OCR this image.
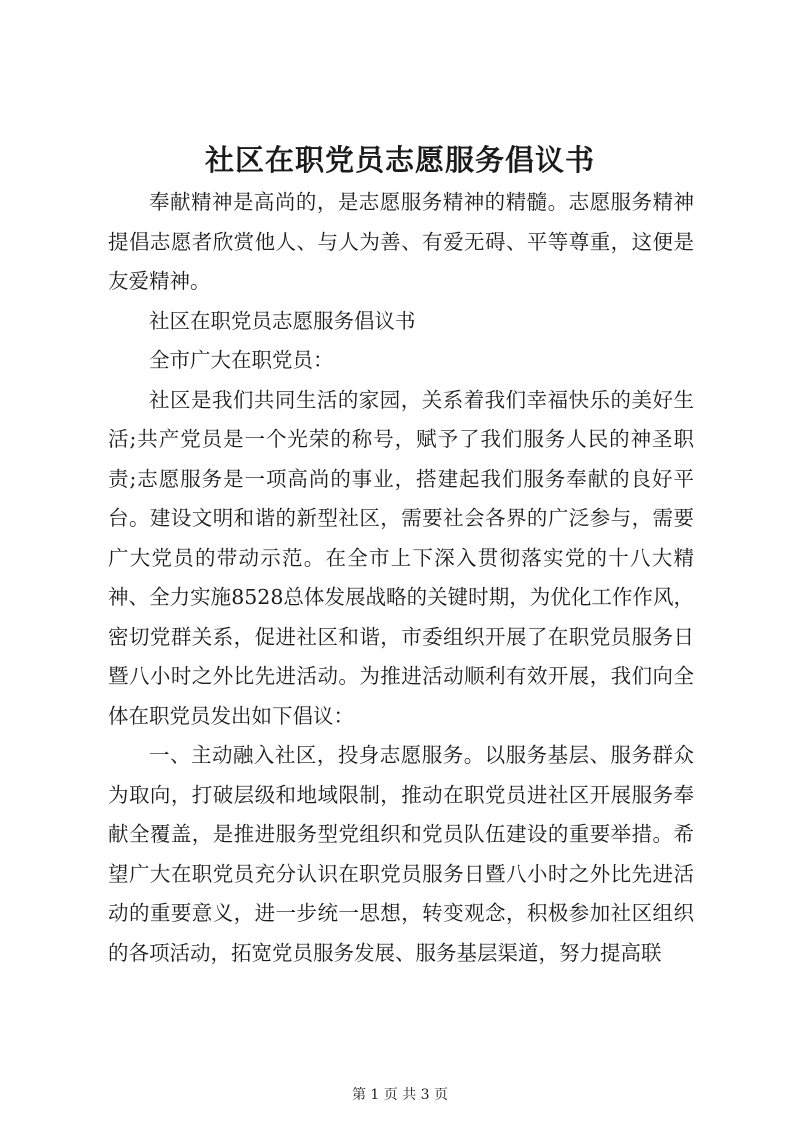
社区在职党员志愿服务倡议书

奉献精神是高尚的，是志愿服务精神的精髓。志愿服务精神提倡志愿者欣赏他人、与人为善、有爱无碍、平等尊重，这便是友爱精神。

社区在职党员志愿服务倡议书

全市广大在职党员：

社区是我们共同生活的家园，关系着我们幸福快乐的美好生活;共产党员是一个光荣的称号，赋予了我们服务人民的神圣职责;志愿服务是一项高尚的事业，搭建起我们服务奉献的良好平台。建设文明和谐的新型社区，需要社会各界的广泛参与，需要广大党员的带动示范。在全市上下深入贯彻落实党的十八大精神、全力实施8528总体发展战略的关键时期，为优化工作作风，密切党群关系，促进社区和谐，市委组织开展了在职党员服务日暨八小时之外比先进活动。为推进活动顺利有效开展，我们向全体在职党员发出如下倡议：

一、主动融入社区，投身志愿服务。以服务基层、服务群众为取向，打破层级和地域限制，推动在职党员进社区开展服务奉献全覆盖，是推进服务型党组织和党员队伍建设的重要举措。希望广大在职党员充分认识在职党员服务日暨八小时之外比先进活动的重要意义，进一步统一思想，转变观念，积极参加社区组织的各项活动，拓宽党员服务发展、服务基层渠道，努力提高联

第 1 页 共 3 页
